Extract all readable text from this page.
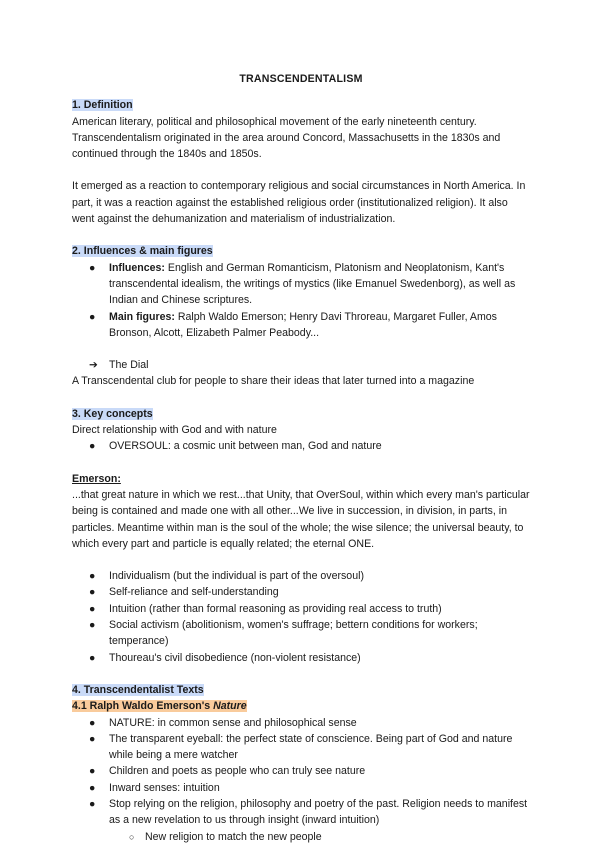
TRANSCENDENTALISM
1. Definition

American literary, political and philosophical movement of the early nineteenth century. Transcendentalism originated in the area around Concord, Massachusetts in the 1830s and continued through the 1840s and 1850s.

It emerged as a reaction to contemporary religious and social circumstances in North America. In part, it was a reaction against the established religious order (institutionalized religion). It also went against the dehumanization and materialism of industrialization.

2. Influences & main figures
● Influences: English and German Romanticism, Platonism and Neoplatonism, Kant's transcendental idealism, the writings of mystics (like Emanuel Swedenborg), as well as Indian and Chinese scriptures.
● Main figures: Ralph Waldo Emerson; Henry Davi Throreau, Margaret Fuller, Amos Bronson, Alcott, Elizabeth Palmer Peabody...
➔ The Dial

A Transcendental club for people to share their ideas that later turned into a magazine

3. Key concepts

Direct relationship with God and with nature

● OVERSOUL: a cosmic unit between man, God and nature
Emerson:

...that great nature in which we rest...that Unity, that OverSoul, within which every man's particular being is contained and made one with all other...We live in succession, in division, in parts, in particles. Meantime within man is the soul of the whole; the wise silence; the universal beauty, to which every part and particle is equally related; the eternal ONE.

● Individualism (but the individual is part of the oversoul)
● Self-reliance and self-understanding
● Intuition (rather than formal reasoning as providing real access to truth)
● Social activism (abolitionism, women's suffrage; bettern conditions for workers; temperance)
● Thoureau's civil disobedience (non-violent resistance)
4. Transcendentalist Texts
4.1 Ralph Waldo Emerson's Nature
● NATURE: in common sense and philosophical sense
● The transparent eyeball: the perfect state of conscience. Being part of God and nature while being a mere watcher
● Children and poets as people who can truly see nature
● Inward senses: intuition
● Stop relying on the religion, philosophy and poetry of the past. Religion needs to manifest as a new revelation to us through insight (inward intuition)
○ New religion to match the new people
